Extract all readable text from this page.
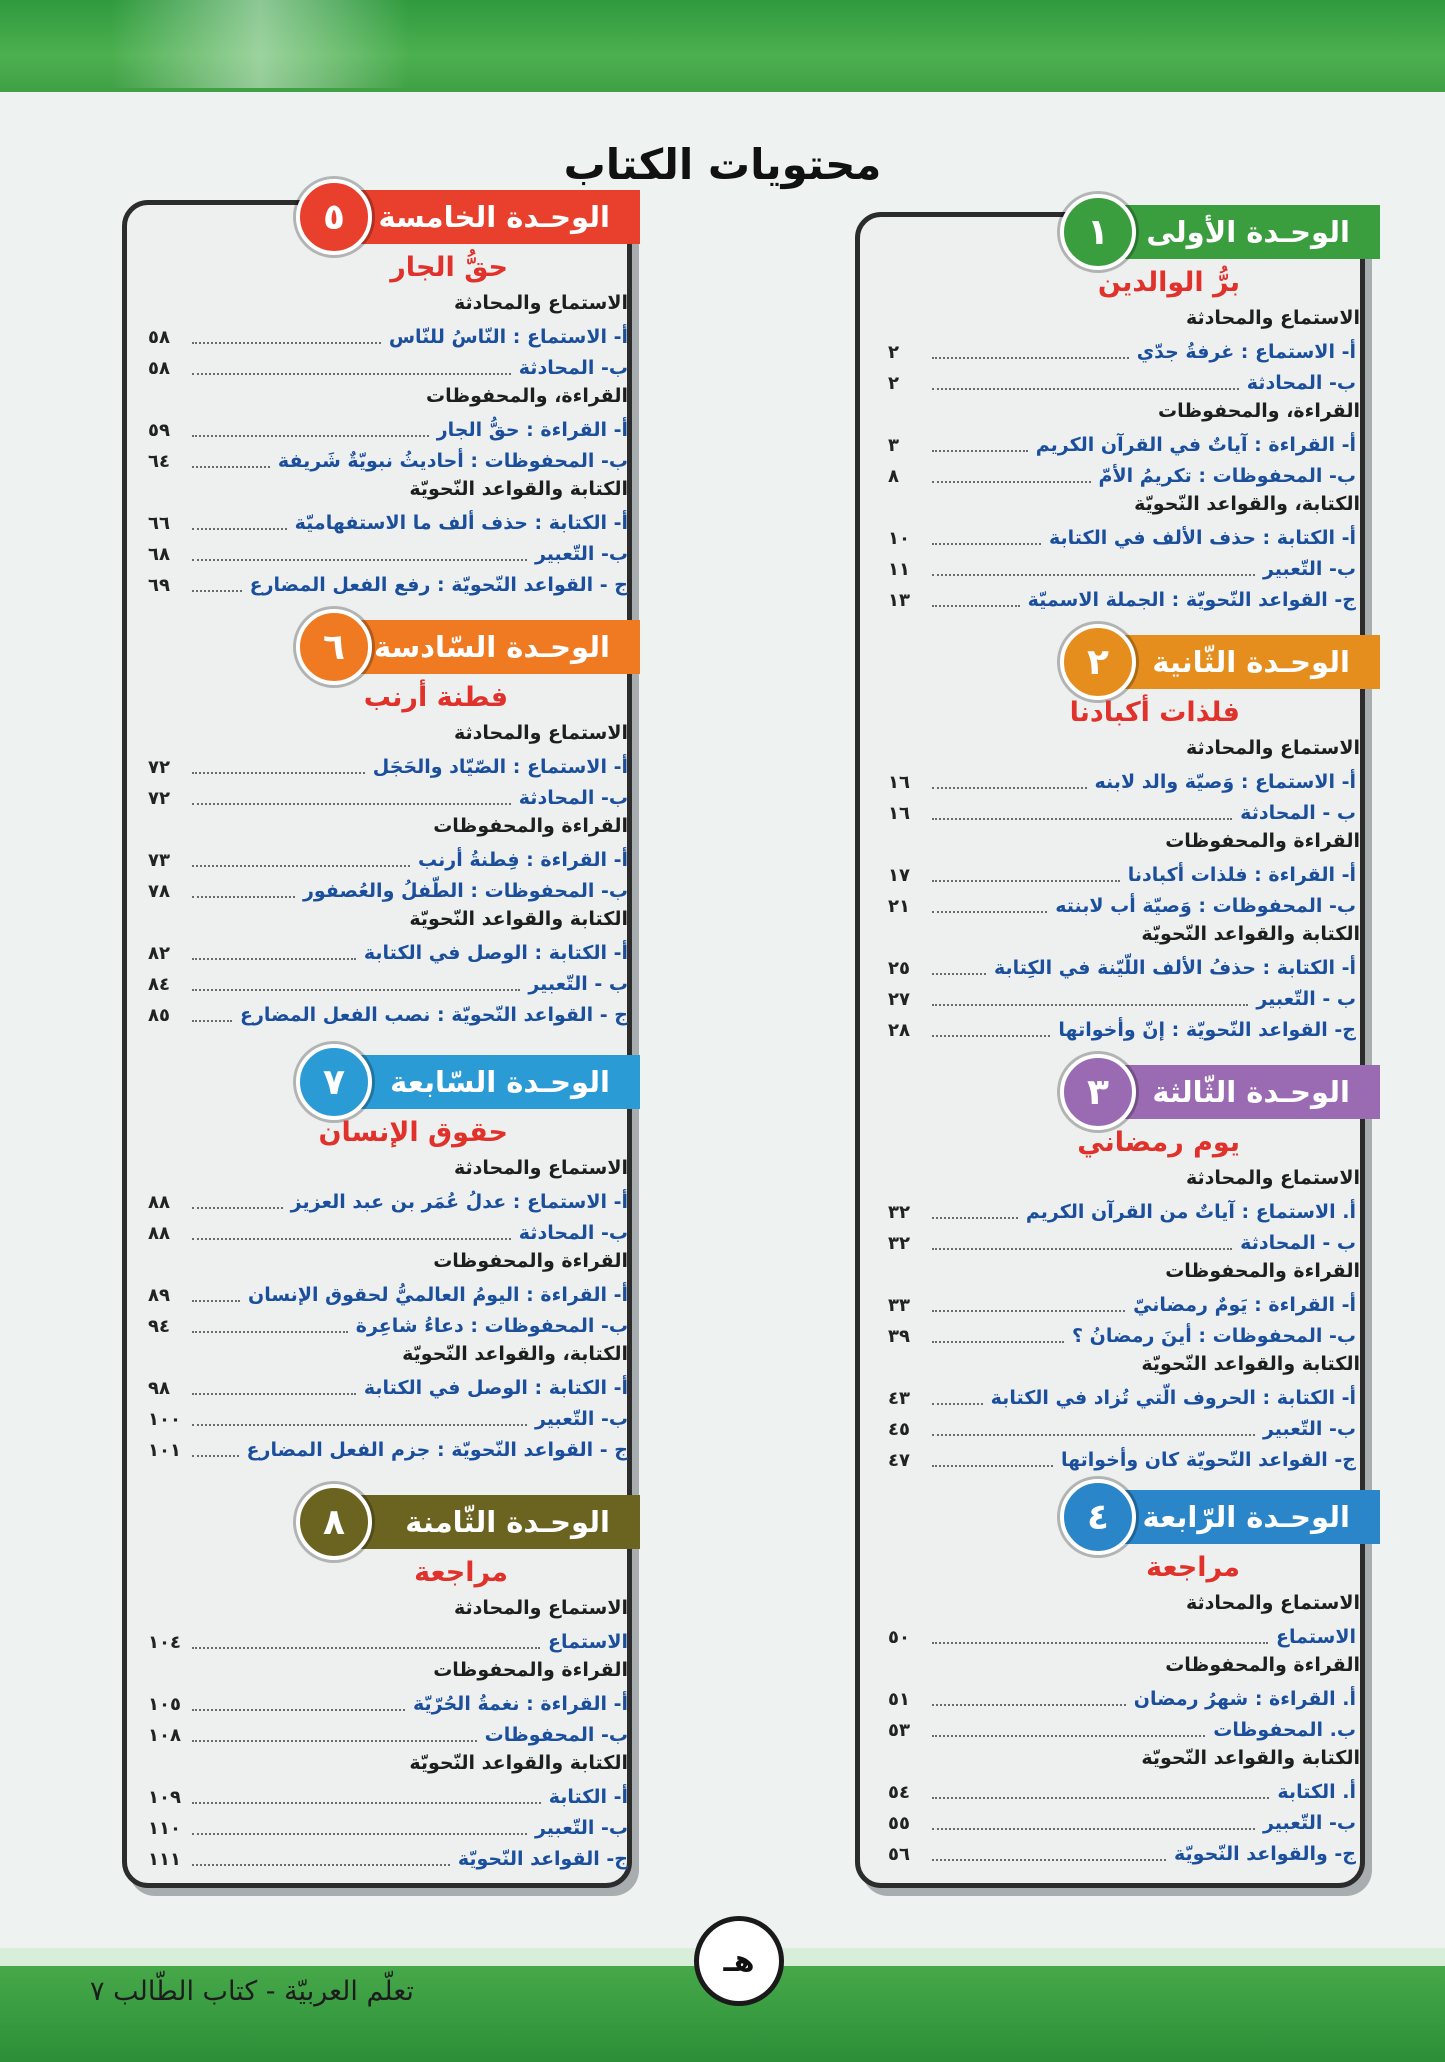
محتويات الكتاب
الوحـدة الأولى
١
برُّ الوالدين
الاستماع والمحادثة
أ- الاستماع : غرفةُ جدّي
٢
ب- المحادثة
٢
القراءة، والمحفوظات
أ- القراءة : آياتٌ في القرآن الكريم
٣
ب- المحفوظات : تكريمُ الأمّ
٨
الكتابة، والقواعد النّحويّة
أ- الكتابة : حذف الألف في الكتابة
١٠
ب- التّعبير
١١
ج- القواعد النّحويّة : الجملة الاسميّة
١٣
الوحـدة الثّانية
٢
فلذات أكبادنا
الاستماع والمحادثة
أ- الاستماع : وَصيّة والد لابنه
١٦
ب - المحادثة
١٦
القراءة والمحفوظات
أ- القراءة : فلذات أكبادنا
١٧
ب- المحفوظات : وَصيّة أب لابنته
٢١
الكتابة والقواعد النّحويّة
أ- الكتابة : حذفُ الألف اللّيّنة في الكِتابة
٢٥
ب - التّعبير
٢٧
ج- القواعد النّحويّة : إنّ وأخواتها
٢٨
الوحـدة الثّالثة
٣
يوم رمضاني
الاستماع والمحادثة
أ. الاستماع : آياتٌ من القرآن الكريم
٣٢
ب - المحادثة
٣٢
القراءة والمحفوظات
أ- القراءة : يَومٌ رمضانيّ
٣٣
ب- المحفوظات : أينَ رمضانُ ؟
٣٩
الكتابة والقواعد النّحويّة
أ- الكتابة : الحروف الّتي تُزاد في الكتابة
٤٣
ب- التّعبير
٤٥
ج- القواعد النّحويّة كان وأخواتها
٤٧
الوحـدة الرّابعة
٤
مراجعة
الاستماع والمحادثة
الاستماع
٥٠
القراءة والمحفوظات
أ. القراءة : شهرُ رمضان
٥١
ب. المحفوظات
٥٣
الكتابة والقواعد النّحويّة
أ. الكتابة
٥٤
ب- التّعبير
٥٥
ج- والقواعد النّحويّة
٥٦
الوحـدة الخامسة
٥
حقُّ الجار
الاستماع والمحادثة
أ- الاستماع : النّاسُ للنّاس
٥٨
ب- المحادثة
٥٨
القراءة، والمحفوظات
أ- القراءة : حقُّ الجار
٥٩
ب- المحفوظات : أحاديثُ نبويّةٌ شَريفة
٦٤
الكتابة والقواعد النّحويّة
أ- الكتابة : حذف ألف ما الاستفهاميّة
٦٦
ب- التّعبير
٦٨
ج - القواعد النّحويّة : رفع الفعل المضارع
٦٩
الوحـدة السّادسة
٦
فطنة أرنب
الاستماع والمحادثة
أ- الاستماع : الصّيّاد والحَجَل
٧٢
ب- المحادثة
٧٢
القراءة والمحفوظات
أ- القراءة : فِطنةُ أرنب
٧٣
ب- المحفوظات : الطّفلُ والعُصفور
٧٨
الكتابة والقواعد النّحويّة
أ- الكتابة : الوصل في الكتابة
٨٢
ب - التّعبير
٨٤
ج - القواعد النّحويّة : نصب الفعل المضارع
٨٥
الوحـدة السّابعة
٧
حقوق الإنسان
الاستماع والمحادثة
أ- الاستماع : عدلُ عُمَر بن عبد العزيز
٨٨
ب- المحادثة
٨٨
القراءة والمحفوظات
أ- القراءة : اليومُ العالميُّ لحقوق الإنسان
٨٩
ب- المحفوظات : دعاءُ شاعِرة
٩٤
الكتابة، والقواعد النّحويّة
أ- الكتابة : الوصل في الكتابة
٩٨
ب- التّعبير
١٠٠
ج - القواعد النّحويّة : جزم الفعل المضارع
١٠١
الوحـدة الثّامنة
٨
مراجعة
الاستماع والمحادثة
الاستماع
١٠٤
القراءة والمحفوظات
أ- القراءة : نغمةُ الحُرّيّة
١٠٥
ب- المحفوظات
١٠٨
الكتابة والقواعد النّحويّة
أ- الكتابة
١٠٩
ب- التّعبير
١١٠
ج- القواعد النّحويّة
١١١
تعلّم العربيّة - كتاب الطّالب ٧
هـ
